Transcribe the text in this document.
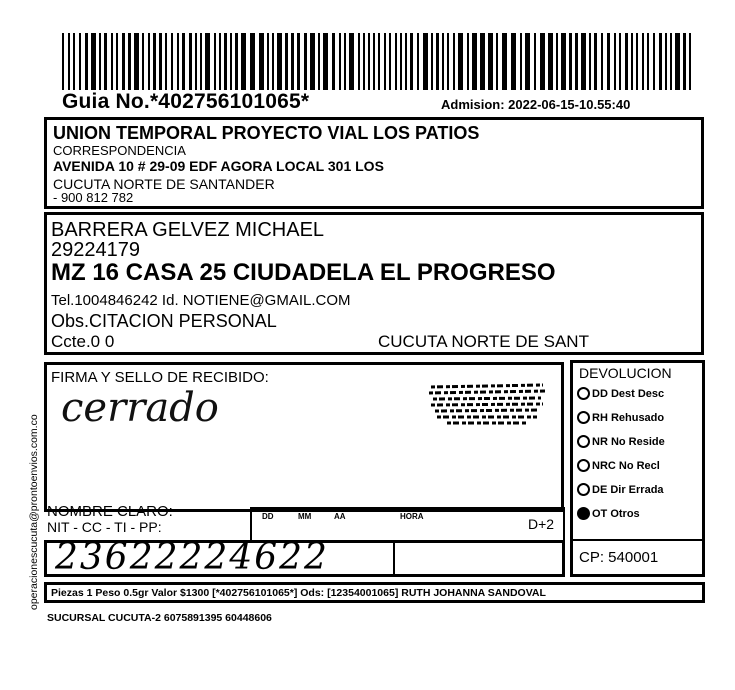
Guia No.*402756101065*	Admision: 2022-06-15-10.55:40
UNION TEMPORAL PROYECTO VIAL LOS PATIOS
CORRESPONDENCIA
AVENIDA 10 # 29-09 EDF AGORA LOCAL 301 LOS
CUCUTA NORTE DE SANTANDER
- 900 812 782
BARRERA GELVEZ MICHAEL
29224179
MZ 16 CASA 25 CIUDADELA EL PROGRESO
Tel.1004846242 Id. NOTIENE@GMAIL.COM
Obs.CITACION PERSONAL
Ccte.0 0	CUCUTA NORTE DE SANT
operacionescucuta@prontoenvios.com.co
FIRMA Y SELLO DE RECIBIDO:
cerrado
NOMBRE CLARO:
NIT - CC - TI - PP:
DD	MM	AA	HORA	D+2
23622224622
DEVOLUCION
DD Dest Desc
RH Rehusado
NR No Reside
NRC No Recl
DE Dir Errada
OT Otros
CP: 540001
Piezas 1 Peso 0.5gr Valor $1300 [*402756101065*] Ods: [12354001065] RUTH JOHANNA SANDOVAL
SUCURSAL CUCUTA-2 6075891395 60448606
